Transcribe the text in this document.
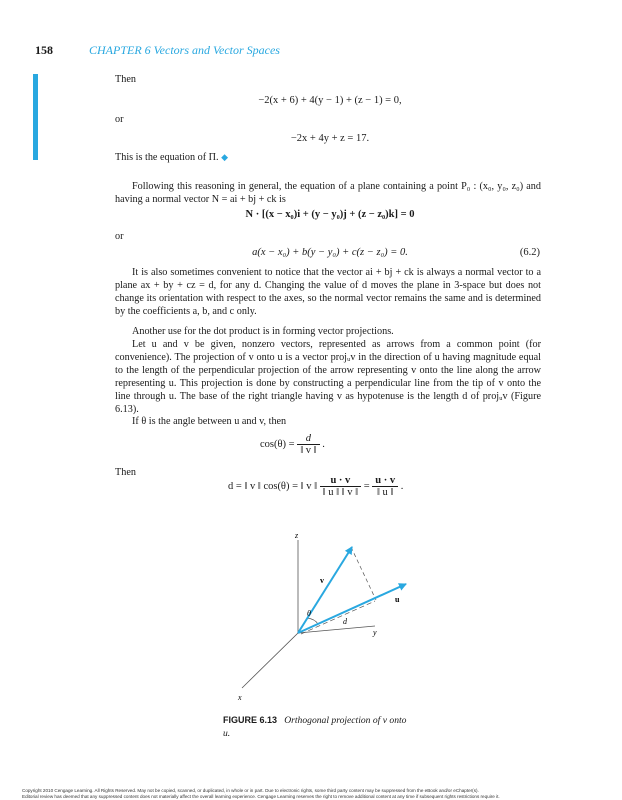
158	CHAPTER 6 Vectors and Vector Spaces
Then
−2(x + 6) + 4(y − 1) + (z − 1) = 0,
or
−2x + 4y + z = 17.
This is the equation of Π. ◆
Following this reasoning in general, the equation of a plane containing a point P₀ : (x₀, y₀, z₀) and having a normal vector N = ai + bj + ck is
N · [(x − x₀)i + (y − y₀)j + (z − z₀)k] = 0
or
a(x − x₀) + b(y − y₀) + c(z − z₀) = 0.	(6.2)
It is also sometimes convenient to notice that the vector ai + bj + ck is always a normal vector to a plane ax + by + cz = d, for any d. Changing the value of d moves the plane in 3-space but does not change its orientation with respect to the axes, so the normal vector remains the same and is determined by the coefficients a, b, and c only.
Another use for the dot product is in forming vector projections.
Let u and v be given, nonzero vectors, represented as arrows from a common point (for convenience). The projection of v onto u is a vector projᵤv in the direction of u having magnitude equal to the length of the perpendicular projection of the arrow representing v onto the line along the arrow representing u. This projection is done by constructing a perpendicular line from the tip of v onto the line through u. The base of the right triangle having v as hypotenuse is the length d of projᵤv (Figure 6.13).
If θ is the angle between u and v, then
$\cos(\theta) = \frac{d}{‖ v ‖}$ .
Then
d = ‖ v ‖ cos(θ) = ‖ v ‖ $\frac{u \cdot v}{‖ u ‖ ‖ v ‖} = \frac{u \cdot v}{‖ u ‖}$ .
z
y
x
v
u
θ
d
FIGURE 6.13 Orthogonal projection of v onto u.
Copyright 2010 Cengage Learning. All Rights Reserved. May not be copied, scanned, or duplicated, in whole or in part. Due to electronic rights, some third party content may be suppressed from the eBook and/or eChapter(s).
Editorial review has deemed that any suppressed content does not materially affect the overall learning experience. Cengage Learning reserves the right to remove additional content at any time if subsequent rights restrictions require it.
